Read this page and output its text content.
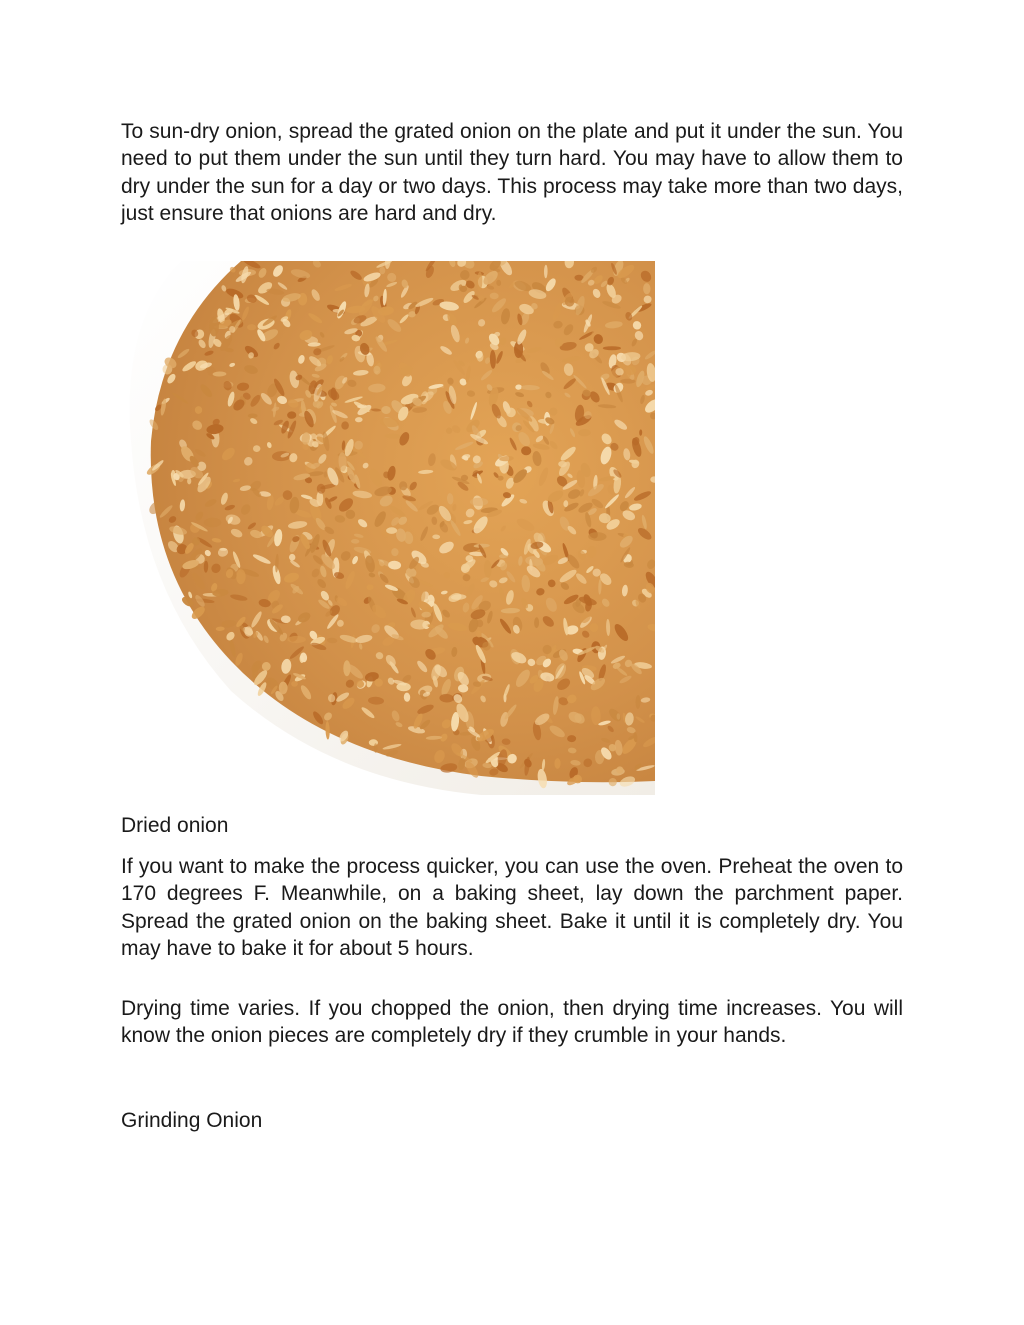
To sun-dry onion, spread the grated onion on the plate and put it under the sun. You need to put them under the sun until they turn hard. You may have to allow them to dry under the sun for a day or two days. This process may take more than two days, just ensure that onions are hard and dry.

Dried onion

If you want to make the process quicker, you can use the oven. Preheat the oven to 170 degrees F. Meanwhile, on a baking sheet, lay down the parchment paper. Spread the grated onion on the baking sheet. Bake it until it is completely dry. You may have to bake it for about 5 hours.

Drying time varies. If you chopped the onion, then drying time increases. You will know the onion pieces are completely dry if they crumble in your hands.

Grinding Onion
